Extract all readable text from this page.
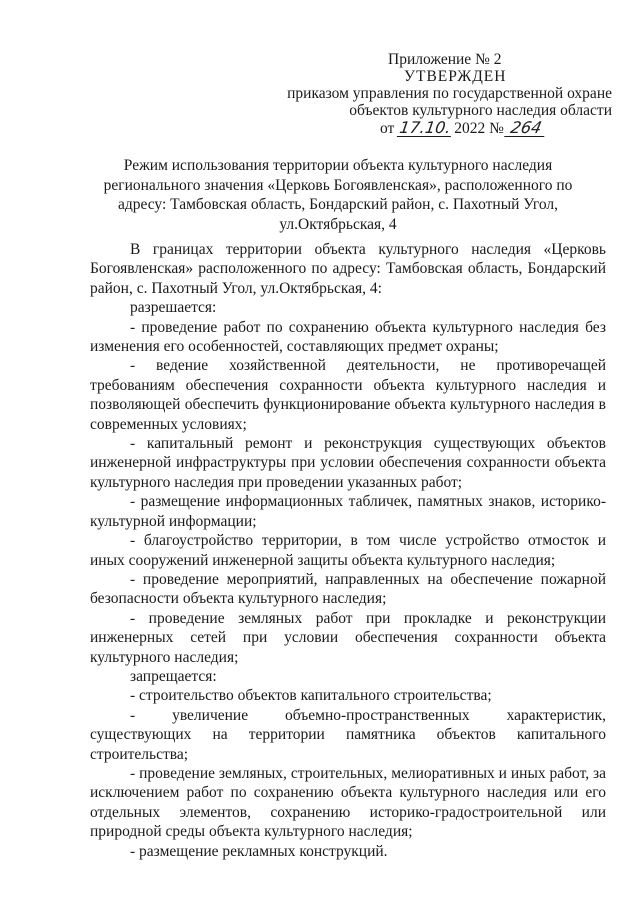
Приложение № 2
УТВЕРЖДЕН
приказом управления по государственной охране
объектов культурного наследия области
от 17.10. 2022 № 264
Режим использования территории объекта культурного наследия
регионального значения «Церковь Богоявленская», расположенного по
адресу: Тамбовская область, Бондарский район, с. Пахотный Угол,
ул.Октябрьская, 4

В границах территории объекта культурного наследия «Церковь Богоявленская» расположенного по адресу: Тамбовская область, Бондарский район, с. Пахотный Угол, ул.Октябрьская, 4:

разрешается:

- проведение работ по сохранению объекта культурного наследия без изменения его особенностей, составляющих предмет охраны;

- ведение хозяйственной деятельности, не противоречащей требованиям обеспечения сохранности объекта культурного наследия и позволяющей обеспечить функционирование объекта культурного наследия в современных условиях;

- капитальный ремонт и реконструкция существующих объектов инженерной инфраструктуры при условии обеспечения сохранности объекта культурного наследия при проведении указанных работ;

- размещение информационных табличек, памятных знаков, историко-культурной информации;

- благоустройство территории, в том числе устройство отмосток и иных сооружений инженерной защиты объекта культурного наследия;

- проведение мероприятий, направленных на обеспечение пожарной безопасности объекта культурного наследия;

- проведение земляных работ при прокладке и реконструкции инженерных сетей при условии обеспечения сохранности объекта культурного наследия;

запрещается:

- строительство объектов капитального строительства;

- увеличение объемно-пространственных характеристик, существующих на территории памятника объектов капитального строительства;

- проведение земляных, строительных, мелиоративных и иных работ, за исключением работ по сохранению объекта культурного наследия или его отдельных элементов, сохранению историко-градостроительной или природной среды объекта культурного наследия;

- размещение рекламных конструкций.
